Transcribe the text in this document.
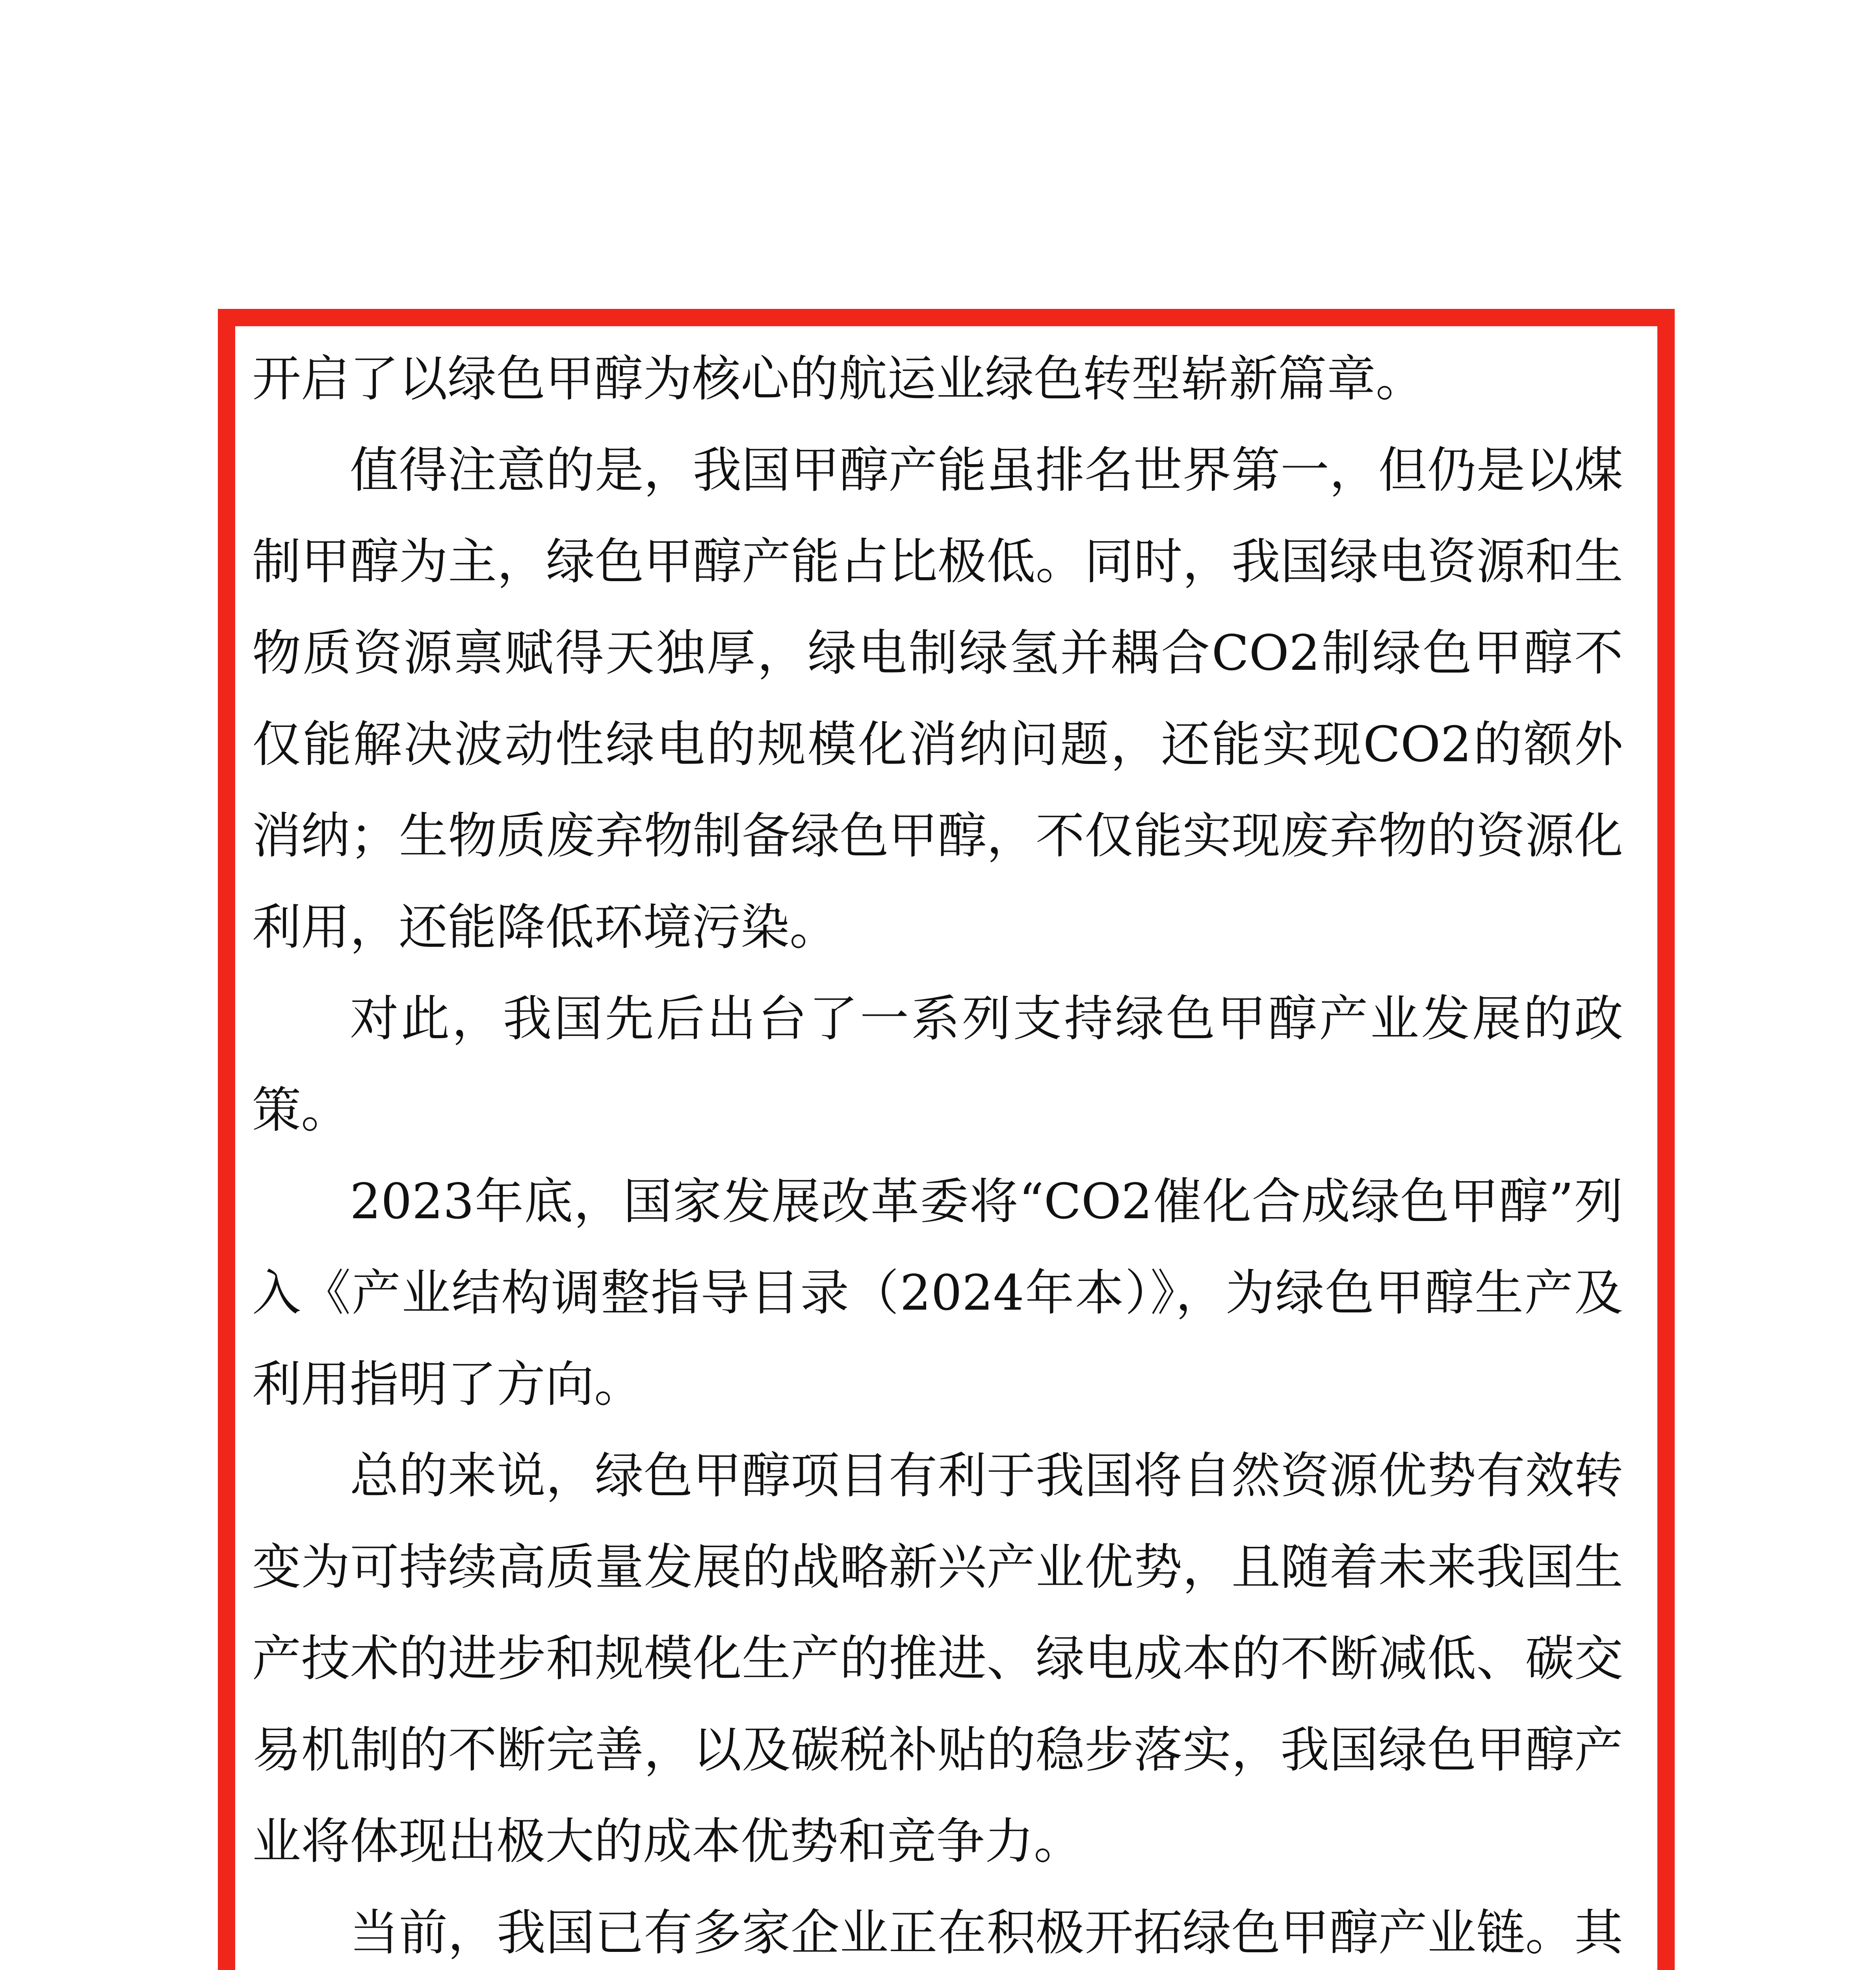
开启了以绿色甲醇为核心的航运业绿色转型崭新篇章。

值得注意的是，我国甲醇产能虽排名世界第一，但仍是以煤制甲醇为主，绿色甲醇产能占比极低。同时，我国绿电资源和生物质资源禀赋得天独厚，绿电制绿氢并耦合CO2制绿色甲醇不仅能解决波动性绿电的规模化消纳问题，还能实现CO2的额外消纳；生物质废弃物制备绿色甲醇，不仅能实现废弃物的资源化利用，还能降低环境污染。

对此，我国先后出台了一系列支持绿色甲醇产业发展的政策。

2023年底，国家发展改革委将“CO2催化合成绿色甲醇”列入《产业结构调整指导目录（2024年本）》，为绿色甲醇生产及利用指明了方向。

总的来说，绿色甲醇项目有利于我国将自然资源优势有效转变为可持续高质量发展的战略新兴产业优势，且随着未来我国生产技术的进步和规模化生产的推进、绿电成本的不断减低、碳交易机制的不断完善，以及碳税补贴的稳步落实，我国绿色甲醇产业将体现出极大的成本优势和竞争力。

当前，我国已有多家企业正在积极开拓绿色甲醇产业链。其
